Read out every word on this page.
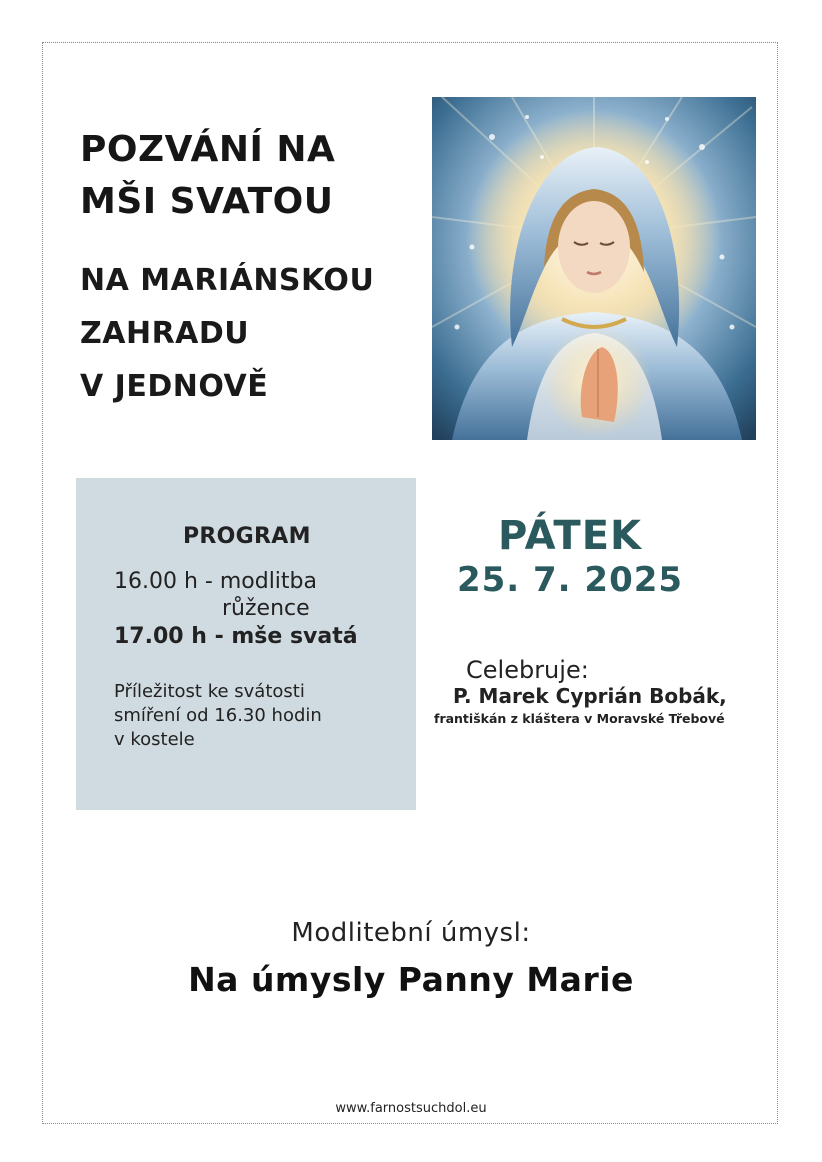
POZVÁNÍ NA
MŠI SVATOU
NA MARIÁNSKOU
ZAHRADU
V JEDNOVĚ
PROGRAM
16.00 h - modlitba
růžence
17.00 h - mše svatá
Příležitost ke svátosti
smíření od 16.30 hodin
v kostele
PÁTEK
25. 7. 2025
Celebruje:
P. Marek Cyprián Bobák,
františkán z kláštera v Moravské Třebové
Modlitební úmysl:
Na úmysly Panny Marie
www.farnostsuchdol.eu
